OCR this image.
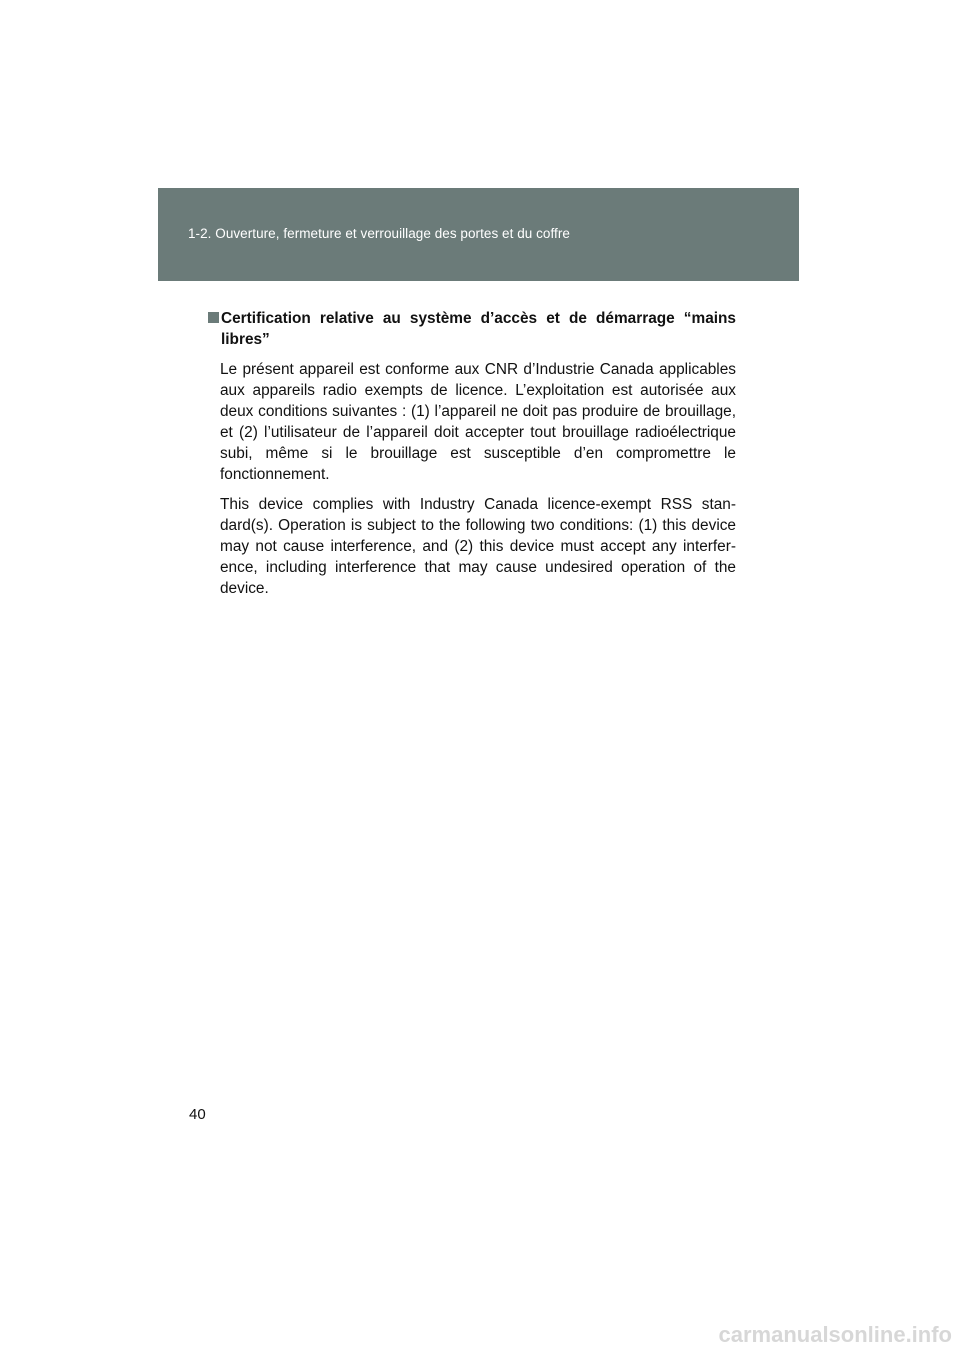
1-2. Ouverture, fermeture et verrouillage des portes et du coffre
Certification relative au système d’accès et de démarrage “mains libres”

Le présent appareil est conforme aux CNR d’Industrie Canada applicables aux appareils radio exempts de licence. L’exploitation est autorisée aux deux conditions suivantes : (1) l’appareil ne doit pas produire de brouillage, et (2) l’utilisateur de l’appareil doit accepter tout brouillage radioélectrique subi, même si le brouillage est susceptible d’en compromettre le fonctionnement.

This device complies with Industry Canada licence-exempt RSS stan-dard(s). Operation is subject to the following two conditions: (1) this device may not cause interference, and (2) this device must accept any interfer-ence, including interference that may cause undesired operation of the device.

40
carmanualsonline.info
